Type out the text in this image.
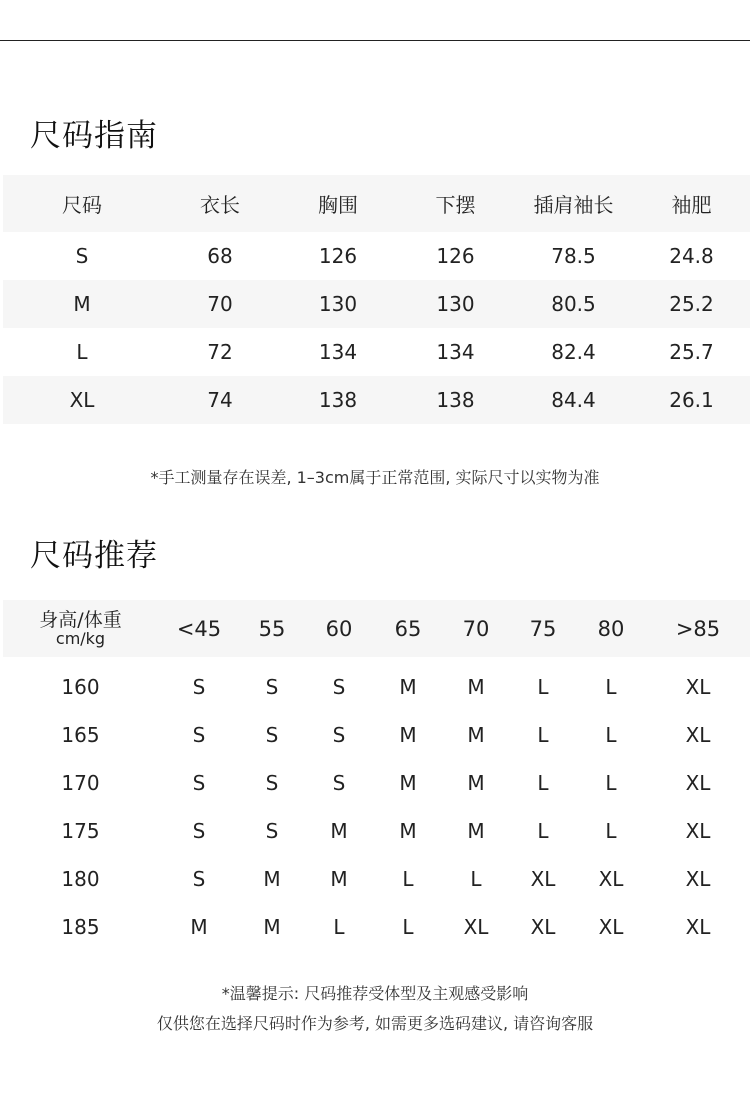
尺码指南
尺码	衣长	胸围	下摆	插肩袖长	袖肥
S	68	126	126	78.5	24.8
M	70	130	130	80.5	25.2
L	72	134	134	82.4	25.7
XL	74	138	138	84.4	26.1

*手工测量存在误差, 1–3cm属于正常范围, 实际尺寸以实物为准

尺码推荐
身高/体重
cm/kg	<45	55	60	65	70	75	80	>85

160	S	S	S	M	M	L	L	XL
165	S	S	S	M	M	L	L	XL
170	S	S	S	M	M	L	L	XL
175	S	S	M	M	M	L	L	XL
180	S	M	M	L	L	XL	XL	XL
185	M	M	L	L	XL	XL	XL	XL

*温馨提示: 尺码推荐受体型及主观感受影响

仅供您在选择尺码时作为参考, 如需更多选码建议, 请咨询客服
